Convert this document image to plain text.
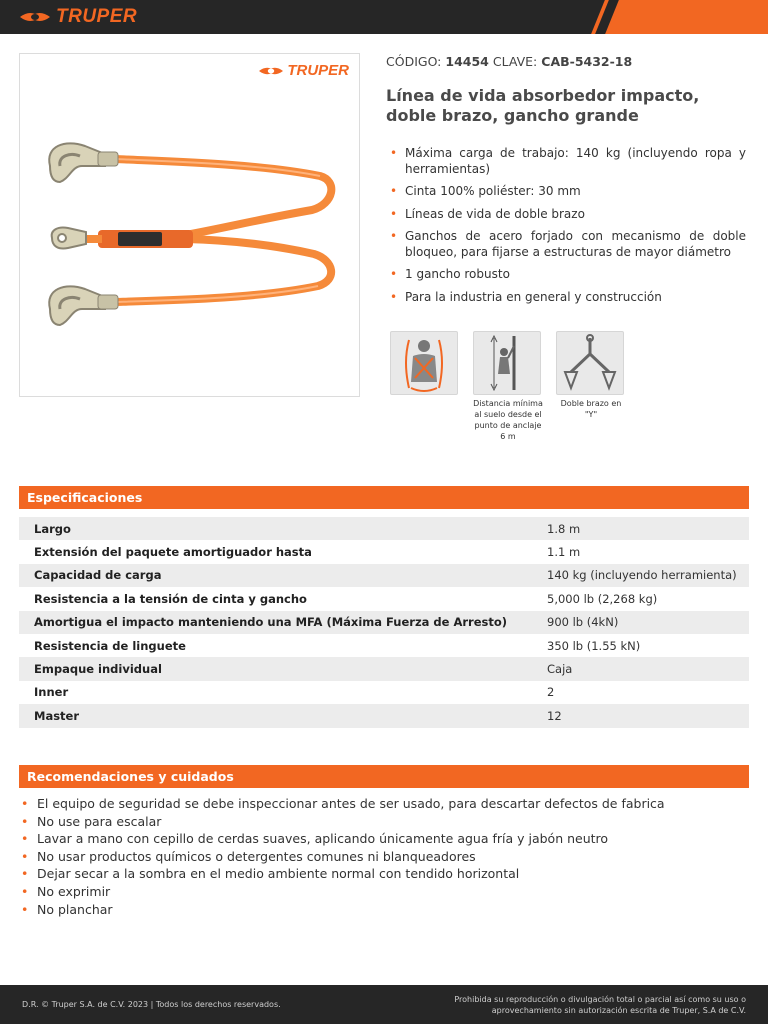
TRUPER
TRUPER
CÓDIGO: 14454 CLAVE: CAB-5432-18
Línea de vida absorbedor impacto,
doble brazo, gancho grande
• Máxima carga de trabajo: 140 kg (incluyendo ropa y herramientas)
• Cinta 100% poliéster: 30 mm
• Líneas de vida de doble brazo
• Ganchos de acero forjado con mecanismo de doble bloqueo, para fijarse a estructuras de mayor diámetro
• 1 gancho robusto
• Para la industria en general y construcción
Distancia mínima al suelo desde el punto de anclaje 6 m
Doble brazo en "Y"
Especificaciones
Largo	1.8 m
Extensión del paquete amortiguador hasta	1.1 m
Capacidad de carga	140 kg (incluyendo herramienta)
Resistencia a la tensión de cinta y gancho	5,000 lb (2,268 kg)
Amortigua el impacto manteniendo una MFA (Máxima Fuerza de Arresto)	900 lb (4kN)
Resistencia de linguete	350 lb (1.55 kN)
Empaque individual	Caja
Inner	2
Master	12
Recomendaciones y cuidados
• El equipo de seguridad se debe inspeccionar antes de ser usado, para descartar defectos de fabrica
• No use para escalar
• Lavar a mano con cepillo de cerdas suaves, aplicando únicamente agua fría y jabón neutro
• No usar productos químicos o detergentes comunes ni blanqueadores
• Dejar secar a la sombra en el medio ambiente normal con tendido horizontal
• No exprimir
• No planchar
D.R. © Truper S.A. de C.V. 2023 | Todos los derechos reservados.
Prohibida su reproducción o divulgación total o parcial así como su uso o
aprovechamiento sin autorización escrita de Truper, S.A de C.V.
